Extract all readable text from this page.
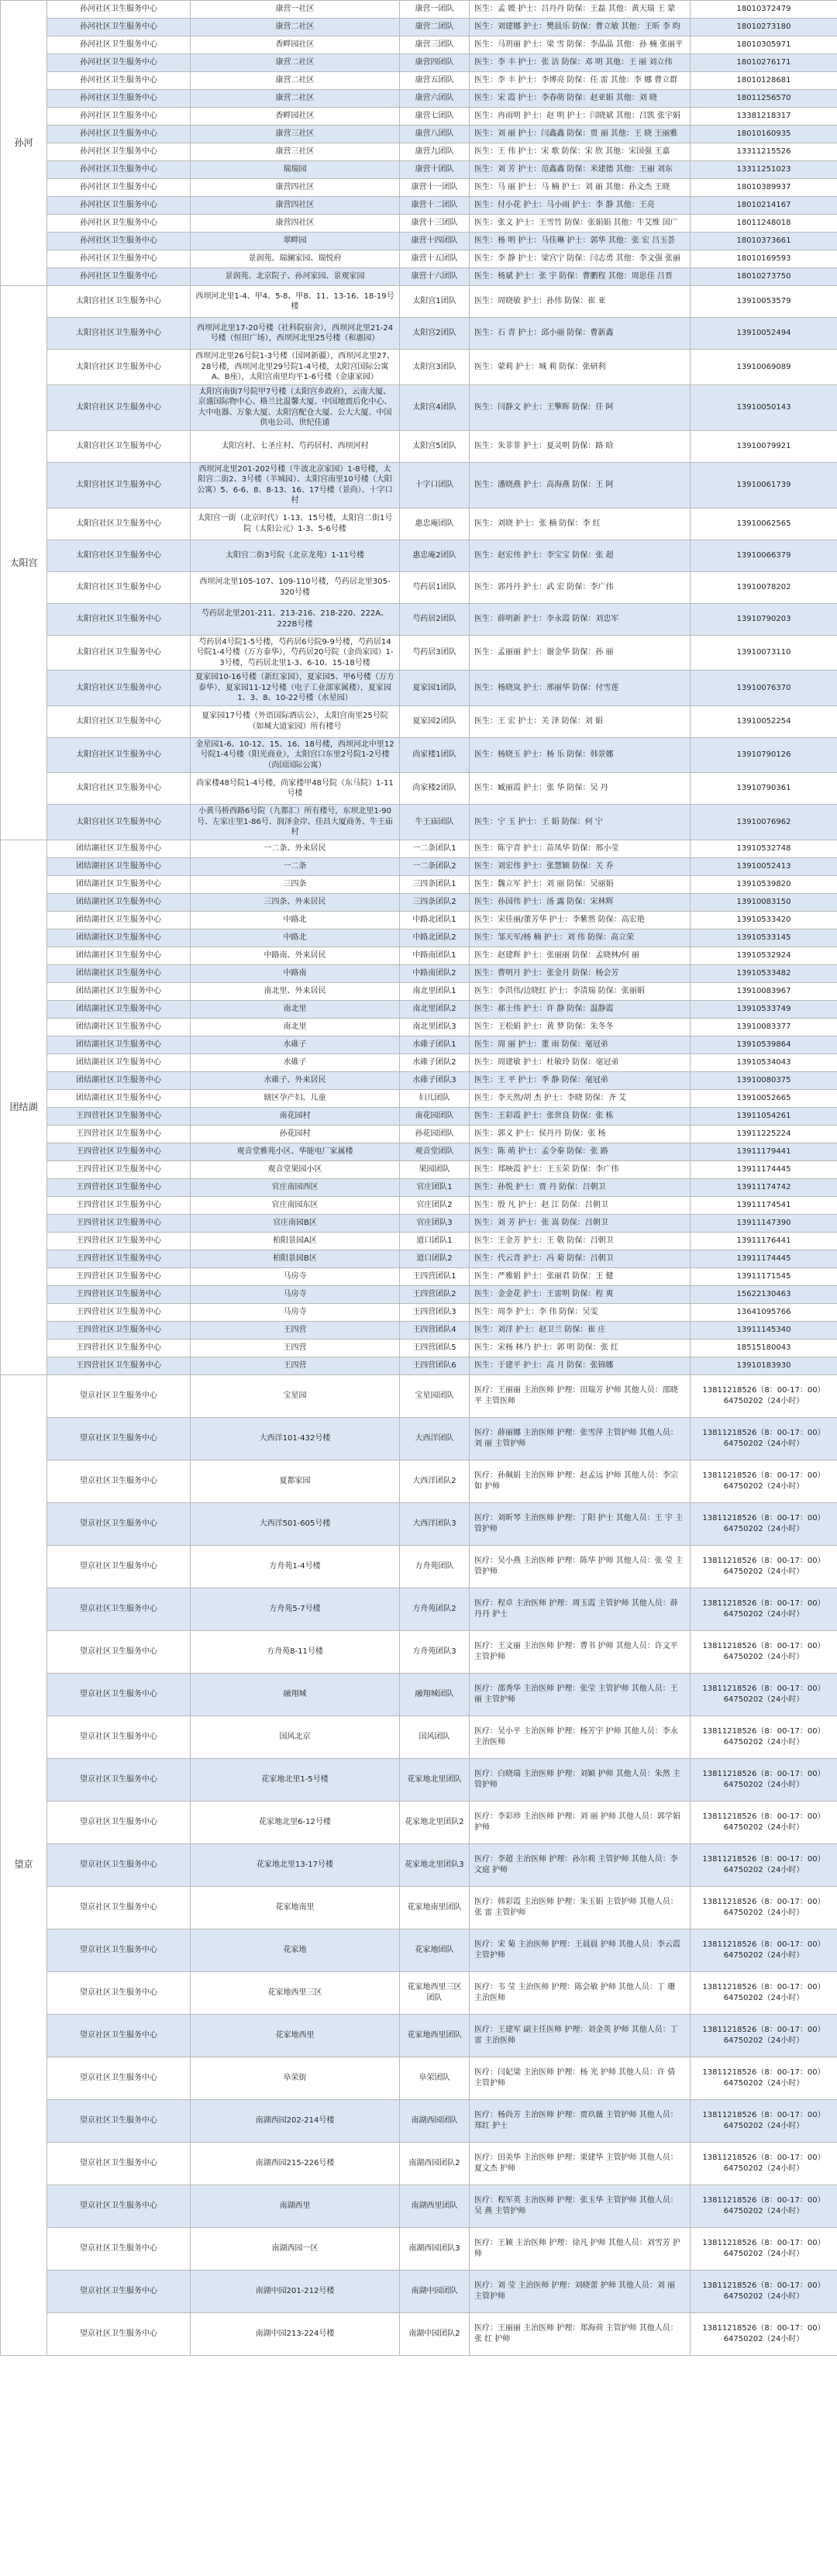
孙河	孙河社区卫生服务中心	康营一社区	康营一团队	医生：孟 媛 护士：吕丹丹 防保：王磊 其他：黄天瑞 王 蒙	18010372479
	孙河社区卫生服务中心	康营二社区	康营二团队	医生：刘建娜 护士：樊晨乐 防保：曹立敏 其他：王昕 李 昀	18010273180
	孙河社区卫生服务中心	香畔园社区	康营三团队	医生：马玥丽 护士：梁 雪 防保：李晶晶 其他：孙 楠 张丽平	18010305971
	孙河社区卫生服务中心	康营二社区	康营四团队	医生：李 丰 护士：张 洁 防保：邓 明 其他：王 丽 刘立伟	18010276171
	孙河社区卫生服务中心	康营二社区	康营五团队	医生：李 丰 护士：李博亮 防保：任 雷 其他：李 娜 曹立群	18010128681
	孙河社区卫生服务中心	康营二社区	康营六团队	医生：宋 霞 护士：李春萌 防保：赵亚娟 其他：刘 晓	18011256570
	孙河社区卫生服务中心	香畔园社区	康营七团队	医生：冉雨明 护士：赵 明 护士：闫晓斌 其他：吕凯 张宇娟	13381218317
	孙河社区卫生服务中心	康营三社区	康营八团队	医生：刘 丽 护士：闫鑫鑫 防保：贾 丽 其他：王 晓 王丽雅	18010160935
	孙河社区卫生服务中心	康营三社区	康营九团队	医生：王 伟 护士：宋 歌 防保：宋 欣 其他：宋国强 王嘉	13311215526
	孙河社区卫生服务中心	瑞瑞园	康营十团队	医生：刘 芳 护士：范鑫鑫 防保：米建德 其他：王丽 刘东	13311251023
	孙河社区卫生服务中心	康营四社区	康营十一团队	医生：马 丽 护士：马 楠 护士：刘 丽 其他：孙文杰 王晓	18010389937
	孙河社区卫生服务中心	康营四社区	康营十二团队	医生：付小花 护士：马小雨 护士：李 静 其他：王亮	18010214167
	孙河社区卫生服务中心	康营四社区	康营十三团队	医生：张文 护士：王雪竹 防保：张娟娟 其他：牛艾维 国广	18011248018
	孙河社区卫生服务中心	翠畔园	康营十四团队	医生：杨 明 护士：马佳琳 护士：郭华 其他：张 宏 吕玉荟	18010373661
	孙河社区卫生服务中心	景润苑、瑞澜家园、瑞悦府	康营十五团队	医生：李 静 护士：梁宫宁 防保：闫志勇 其他：李文强 张丽	18010169593
	孙河社区卫生服务中心	景润苑、北京院子、孙河家园、景观家园	康营十六团队	医生：杨斌 护士：张 宇 防保：曹鹏程 其他：周思佳 吕晋	18010273750
太阳宫	太阳宫社区卫生服务中心	西坝河北里1-4、甲4、5-8、甲8、11、13-16、18-19号楼	太阳宫1团队	医生：周晓敏 护士：孙伟 防保：崔 亚	13910053579
	太阳宫社区卫生服务中心	西坝河北里17-20号楼（社科院宿舍），西坝河北里21-24号楼（恒田广场），西坝河北里25号楼（和惠园）	太阳宫2团队	医生：石 青 护士：邱小丽 防保：曹新鑫	13910052494
	太阳宫社区卫生服务中心	西坝河北里26号院1-3号楼（国网新疆），西坝河北里27、28号楼，西坝河北里29号院1-4号楼，太阳宫国际公寓A、B座），太阳宫南里均平1-6号楼（金康家园）	太阳宫3团队	医生：蒙莉 护士：城 莉 防保：张研利	13910069089
	太阳宫社区卫生服务中心	太阳宫南街7号院甲7号楼（太阳宫乡政府），云南大厦、京盛国际物中心、格兰比温馨大厦、中国地震后化中心、大中电器、万象大厦、太阳宫配仓大厦、公大大厦、中国供电公司、世纪佳通	太阳宫4团队	医生：闫静文 护士：王擎晖 防保：任 阿	13910050143
	太阳宫社区卫生服务中心	太阳宫村、七圣庄村、芍药居村、西坝河村	太阳宫5团队	医生：朱菲菲 护士：夏灵明 防保：路 晗	13910079921
	太阳宫社区卫生服务中心	西坝河北里201-202号楼（牛波北京家园）1-8号楼，太阳宫二街2、3号楼（羊城园）、太阳宫南里10号楼（大阳公寓）5、6-6、8、8-13、16、17号楼（景尚）、十字口村	十字口团队	医生：潘晓燕 护士：高海燕 防保：王 阿	13910061739
	太阳宫社区卫生服务中心	太阳宫一街（北京时代）1-13、15号楼，太阳宫二街1号院（太阳公元）1-3、5-6号楼	惠忠庵团队	医生：刘晓 护士：张 楠 防保：李 红	13910062565
	太阳宫社区卫生服务中心	太阳宫二街3号院（北京龙苑）1-11号楼	惠忠庵2团队	医生：赵宏伟 护士：李宝宝 防保：张 超	13910066379
	太阳宫社区卫生服务中心	西坝河北里105-107、109-110号楼，芍药居北里305-320号楼	芍药居1团队	医生：郭丹丹 护士：武 宏 防保：李广伟	13910078202
	太阳宫社区卫生服务中心	芍药居北里201-211、213-216、218-220、222A、222B号楼	芍药居2团队	医生：薛明新 护士：李永霞 防保：刘忠军	13910790203
	太阳宫社区卫生服务中心	芍药居4号院1-5号楼，芍药居6号院9-9号楼，芍药居14号院1-4号楼（万方泰华），芍药居20号院（金尚家园）1-3号楼，芍药居北里1-3、6-10、15-18号楼	芍药居3团队	医生：孟丽丽 护士：谢金华 防保：孙 丽	13910073110
	太阳宫社区卫生服务中心	夏家园10-16号楼（新红家园），夏家园5、甲6号楼（万方泰华），夏家园11-12号楼（电子工业部家属楼），夏家园1、3、8、10-22号楼（水星园）	夏家园1团队	医生：杨晓岚 护士：邢丽华 防保：付雪莲	13910076370
	太阳宫社区卫生服务中心	夏家园17号楼（外语国际酒店公），太阳宫南里25号院（如城大道家园）所有楼号	夏家园2团队	医生：王 宏 护士：关 泽 防保：刘 娟	13910052254
	太阳宫社区卫生服务中心	金星园1-6、10-12、15、16、18号楼，西坝河北中里12号院1-4号楼（阳光商业），太阳宫口东里2号院1-2号楼（尚国国际公寓）	尚家楼1团队	医生：杨晓玉 护士：杨 乐 防保：韩景娜	13910790126
	太阳宫社区卫生服务中心	尚家楼48号院1-4号楼，尚家楼甲48号院（东马院）1-11号楼	尚家楼2团队	医生：臧丽霞 护士：张 华 防保：吴 丹	13910790361
	太阳宫社区卫生服务中心	小黄马桥西路6号院（九都汇）所有楼号，东坝北里1-90号、左家庄里1-86号、润泽金岸、佳昌大厦商务、牛王庙村	牛王庙团队	医生：宁 玉 护士：王 娟 防保：何 宁	13910076962
团结湖	团结湖社区卫生服务中心	一二条、外来居民	一二条团队1	医生：陈宇青 护士：苗凤华 防保：邢小莹	13910532748
	团结湖社区卫生服务中心	一二条	一二条团队2	医生：刘宏伟 护士：张慧颖 防保：关 乔	13910052413
	团结湖社区卫生服务中心	三四条	三四条团队1	医生：魏立军 护士：刘 丽 防保：吴丽娟	13910539820
	团结湖社区卫生服务中心	三四条、外来居民	三四条团队2	医生：孙国伟 护士：汤 露 防保：宋林辉	13910083150
	团结湖社区卫生服务中心	中路北	中路北团队1	医生：宋佳丽/董芳华 护士：李紫然 防保：高宏艳	13910533420
	团结湖社区卫生服务中心	中路北	中路北团队2	医生：邹天军/杨 楠 护士：刘 伟 防保：高立荣	13910533145
	团结湖社区卫生服务中心	中路南、外来居民	中路南团队1	医生：赵建辉 护士：张丽丽 防保：孟晓林/何 丽	13910532924
	团结湖社区卫生服务中心	中路南	中路南团队2	医生：曹明月 护士：张金月 防保：杨会芳	13910533482
	团结湖社区卫生服务中心	南北里、外来居民	南北里团队1	医生：李洪伟/边晓红 护士：李清瑞 防保：张丽娟	13910083967
	团结湖社区卫生服务中心	南北里	南北里团队2	医生：郝士伟 护士：许 静 防保：温静霞	13910533749
	团结湖社区卫生服务中心	南北里	南北里团队3	医生：王松娟 护士：黄 梦 防保：朱冬冬	13910083377
	团结湖社区卫生服务中心	水碓子	水碓子团队1	医生：周 丽 护士：董 雨 防保：毫冠弟	13910539864
	团结湖社区卫生服务中心	水碓子	水碓子团队2	医生：周建敏 护士：杜敏玲 防保：毫冠弟	13910534043
	团结湖社区卫生服务中心	水碓子、外来居民	水碓子团队3	医生：王 平 护士：季 静 防保：毫冠弟	13910080375
	团结湖社区卫生服务中心	辖区孕产妇、儿童	妇儿团队	医生：李天然/胡 杰 护士：李晓 防保：齐 艾	13910052665
	王四营社区卫生服务中心	南花园村	南花园团队	医生：王彩霞 护士：张世良 防保：张 栋	13911054261
	王四营社区卫生服务中心	孙花园村	孙花园团队	医生：郭义 护士：侯丹丹 防保：张 杨	13911225224
	王四营社区卫生服务中心	观音堂雅苑小区、华能电厂家属楼	观音堂团队	医生：陈 萌 护士：孟令秦 防保：张 路	13911179441
	王四营社区卫生服务中心	观音堂果园小区	果园团队	医生：郑映霞 护士：王玉荣 防保：李广伟	13911174445
	王四营社区卫生服务中心	官庄南园西区	官庄团队1	医生：孙悦 护士：贾 丹 防保：吕朝卫	13911174742
	王四营社区卫生服务中心	官庄南园东区	官庄团队2	医生：殷 凡 护士：赵 江 防保：吕朝卫	13911174541
	王四营社区卫生服务中心	官庄南园B区	官庄团队3	医生：刘 芳 护士：张 嵩 防保：吕朝卫	13911147390
	王四营社区卫生服务中心	柏阳景园A区	道口团队1	医生：王金芳 护士：王 敬 防保：吕朝卫	13911176441
	王四营社区卫生服务中心	柏阳景园B区	道口团队2	医生：代云青 护士：冯 菊 防保：吕朝卫	13911174445
	王四营社区卫生服务中心	马房寺	王四营团队1	医生：严雅娟 护士：张丽君 防保：王 健	13911171545
	王四营社区卫生服务中心	马房寺	王四营团队2	医生：金金花 护士：王雷明 防保：程 爽	15622130463
	王四营社区卫生服务中心	马房寺	王四营团队3	医生：周李 护士：李 伟 防保：吴雯	13641095766
	王四营社区卫生服务中心	王四营	王四营团队4	医生：刘洋 护士：赵卫兰 防保：崔 庄	13911145340
	王四营社区卫生服务中心	王四营	王四营团队5	医生：宋杨 林乃 护士：郭 明 防保：张 红	18515180043
	王四营社区卫生服务中心	王四营	王四营团队6	医生：于建平 护士：高 月 防保：张锦娜	13910183930
望京	望京社区卫生服务中心	宝星园	宝星园团队	医疗：王丽丽 主治医师 护理：田瑞芳 护师 其他人员：邵晓 平 主管医师	13811218526（8：00-17：00）64750202（24小时）
	望京社区卫生服务中心	大西洋101-432号楼	大西洋团队	医疗：薛丽娜 主治医师 护理：张雪萍 主管护师 其他人员：刘 丽 主管护师	13811218526（8：00-17：00）64750202（24小时）
	望京社区卫生服务中心	夏都家园	大西洋团队2	医疗：孙佩娟 主治医师 护理：赵孟远 护师 其他人员：李宗如 护师	13811218526（8：00-17：00）64750202（24小时）
	望京社区卫生服务中心	大西洋501-605号楼	大西洋团队3	医疗：刘昕琴 主治医师 护理：丁阳 护士 其他人员：王 宇 主管护师	13811218526（8：00-17：00）64750202（24小时）
	望京社区卫生服务中心	方舟苑1-4号楼	方舟苑团队	医疗：吴小燕 主治医师 护理：陈华 护师 其他人员：张 莹 主管护师	13811218526（8：00-17：00）64750202（24小时）
	望京社区卫生服务中心	方舟苑5-7号楼	方舟苑团队2	医疗：程卓 主治医师 护理：周玉霞 主管护师 其他人员：薛丹丹 护士	13811218526（8：00-17：00）64750202（24小时）
	望京社区卫生服务中心	方舟苑8-11号楼	方舟苑团队3	医疗：王文丽 主治医师 护理：曹书 护师 其他人员：许文平 主管护师	13811218526（8：00-17：00）64750202（24小时）
	望京社区卫生服务中心	融翔城	融翔城团队	医疗：邵秀华 主治医师 护理：张莹 主管护师 其他人员：王 丽 主管护师	13811218526（8：00-17：00）64750202（24小时）
	望京社区卫生服务中心	国风北京	国风团队	医疗：吴小平 主治医师 护理：杨芳宇 护师 其他人员：李永 主治医师	13811218526（8：00-17：00）64750202（24小时）
	望京社区卫生服务中心	花家地北里1-5号楼	花家地北里团队	医疗：白晓瑞 主治医师 护理：刘颖 护师 其他人员：朱然 主管护师	13811218526（8：00-17：00）64750202（24小时）
	望京社区卫生服务中心	花家地北里6-12号楼	花家地北里团队2	医疗：李彩珍 主治医师 护理：刘 丽 护师 其他人员：郭学娟 护师	13811218526（8：00-17：00）64750202（24小时）
	望京社区卫生服务中心	花家地北里13-17号楼	花家地北里团队3	医疗：李超 主治医师 护理：孙尔莉 主管护师 其他人员：李文庭 护师	13811218526（8：00-17：00）64750202（24小时）
	望京社区卫生服务中心	花家地南里	花家地南里团队	医疗：韩彩霞 主治医师 护理：朱玉娟 主管护师 其他人员：张 雷 主管护师	13811218526（8：00-17：00）64750202（24小时）
	望京社区卫生服务中心	花家地	花家地团队	医疗：宋 菊 主治医师 护理：王晨晨 护师 其他人员：李云霞 主管护师	13811218526（8：00-17：00）64750202（24小时）
	望京社区卫生服务中心	花家地西里三区	花家地西里三区团队	医疗：韦 莹 主治医师 护理：陈会敏 护师 其他人员：丁 珊 主治医师	13811218526（8：00-17：00）64750202（24小时）
	望京社区卫生服务中心	花家地西里	花家地西里团队	医疗：王建军 副主任医师 护理：刘金英 护师 其他人员：丁雷 主治医师	13811218526（8：00-17：00）64750202（24小时）
	望京社区卫生服务中心	阜荣街	阜荣团队	医疗：闫妃梁 主治医师 护理：杨 光 护师 其他人员：许 倩 主管护师	13811218526（8：00-17：00）64750202（24小时）
	望京社区卫生服务中心	南湖西园202-214号楼	南湖西园团队	医疗：杨尚芳 主治医师 护理：贾玖薇 主管护师 其他人员：郑红 护士	13811218526（8：00-17：00）64750202（24小时）
	望京社区卫生服务中心	南湖西园215-226号楼	南湖西园团队2	医疗：田美华 主治医师 护理：栗建华 主管护师 其他人员：夏文杰 护师	13811218526（8：00-17：00）64750202（24小时）
	望京社区卫生服务中心	南湖西里	南湖西里团队	医疗：程军英 主治医师 护理：张玉华 主管护师 其他人员：吴 燕 主管护师	13811218526（8：00-17：00）64750202（24小时）
	望京社区卫生服务中心	南湖西园一区	南湖西园团队3	医疗：王颖 主治医师 护理：徐凡 护师 其他人员：刘雪芳 护师	13811218526（8：00-17：00）64750202（24小时）
	望京社区卫生服务中心	南湖中园201-212号楼	南湖中园团队	医疗：刘 莹 主治医师 护理：刘晓蕾 护师 其他人员：刘 丽 主管护师	13811218526（8：00-17：00）64750202（24小时）
	望京社区卫生服务中心	南湖中园213-224号楼	南湖中园团队2	医疗：王丽丽 主治医师 护理：郑海荷 主管护师 其他人员：张 红 护师	13811218526（8：00-17：00）64750202（24小时）
